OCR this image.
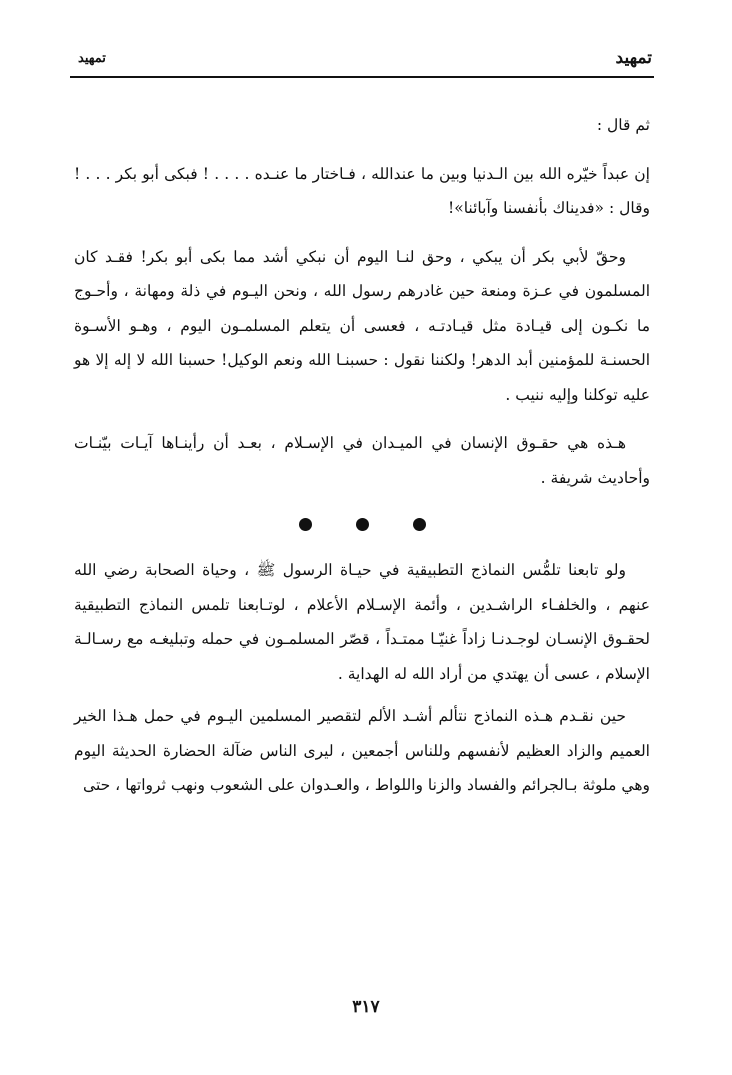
تمهيد
تمهيد

ثم قال :

إن عبداً خيّره الله بين الـدنيا وبين ما عندالله ، فـاختار ما عنـده . . . . ! فبكى أبو بكر . . . ! وقال : «فديناك بأنفسنا وآبائنا»!

وحقّ لأبي بكر أن يبكي ، وحق لنـا اليوم أن نبكي أشد مما بكى أبو بكر! فقـد كان المسلمون في عـزة ومنعة حين غادرهم رسول الله ، ونحن اليـوم في ذلة ومهانة ، وأحـوج ما نكـون إلى قيـادة مثل قيـادتـه ، فعسى أن يتعلم المسلمـون اليوم ، وهـو الأسـوة الحسنـة للمؤمنين أبد الدهر! ولكننا نقول : حسبنـا الله ونعم الوكيل! حسبنا الله لا إله إلا هو عليه توكلنا وإليه ننيب .

هـذه هي حقـوق الإنسان في الميـدان في الإسـلام ، بعـد أن رأينـاها آيـات بيّنـات وأحاديث شريفة .

ولو تابعنا تلمُّس النماذج التطبيقية في حيـاة الرسول ﷺ ، وحياة الصحابة رضي الله عنهم ، والخلفـاء الراشـدين ، وأئمة الإسـلام الأعلام ، لوتـابعنا تلمس النماذج التطبيقية لحقـوق الإنسـان لوجـدنـا زاداً غنيّـا ممتـداً ، قصّر المسلمـون في حمله وتبليغـه مع رسـالـة الإسلام ، عسى أن يهتدي من أراد الله له الهداية .

حين نقـدم هـذه النماذج نتألم أشـد الألم لتقصير المسلمين اليـوم في حمل هـذا الخير العميم والزاد العظيم لأنفسهم وللناس أجمعين ، ليرى الناس ضآلة الحضارة الحديثة اليوم وهي ملوثة بـالجرائم والفساد والزنا واللواط ، والعـدوان على الشعوب ونهب ثرواتها ، حتى

٣١٧
